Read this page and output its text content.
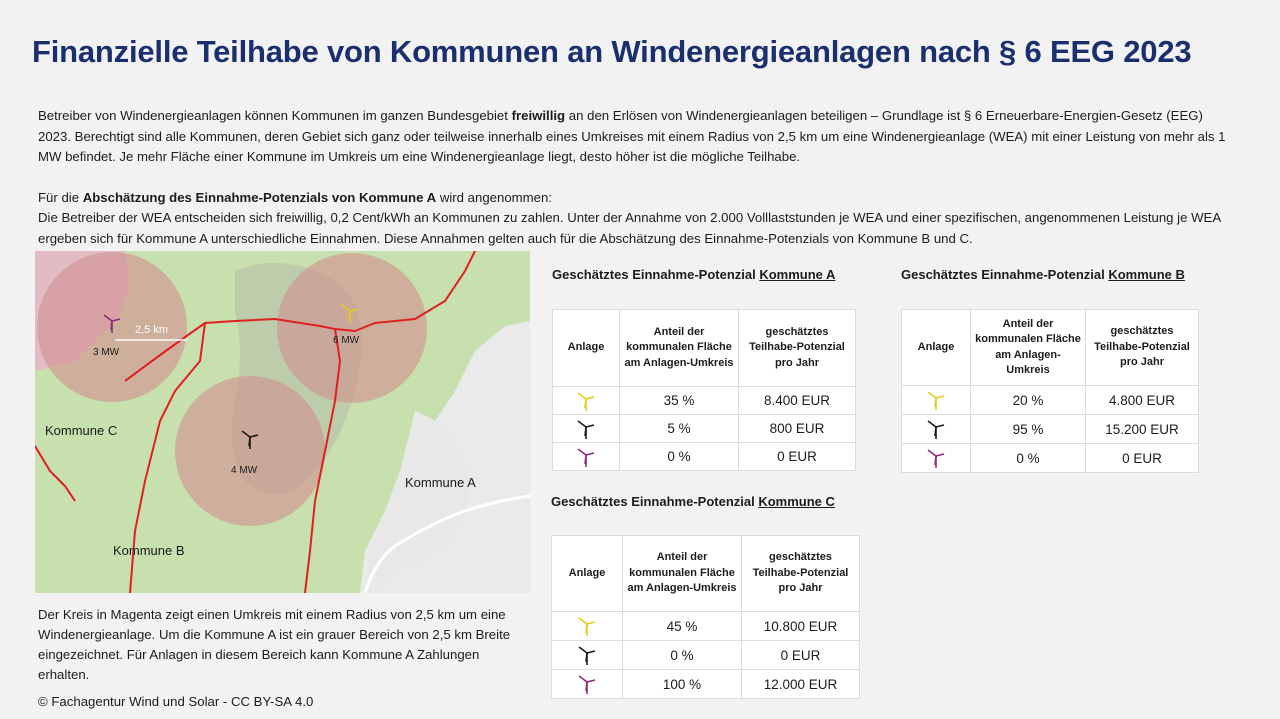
Finanzielle Teilhabe von Kommunen an Windenergieanlagen nach § 6 EEG 2023

Betreiber von Windenergieanlagen können Kommunen im ganzen Bundesgebiet freiwillig an den Erlösen von Windenergieanlagen beteiligen – Grundlage ist § 6 Erneuerbare-Energien-Gesetz (EEG) 2023. Berechtigt sind alle Kommunen, deren Gebiet sich ganz oder teilweise innerhalb eines Umkreises mit einem Radius von 2,5 km um eine Windenergieanlage (WEA) mit einer Leistung von mehr als 1 MW befindet. Je mehr Fläche einer Kommune im Umkreis um eine Windenergieanlage liegt, desto höher ist die mögliche Teilhabe.

Für die Abschätzung des Einnahme-Potenzials von Kommune A wird angenommen:

Die Betreiber der WEA entscheiden sich freiwillig, 0,2 Cent/kWh an Kommunen zu zahlen. Unter der Annahme von 2.000 Volllaststunden je WEA und einer spezifischen, angenommenen Leistung je WEA ergeben sich für Kommune A unterschiedliche Einnahmen. Diese Annahmen gelten auch für die Abschätzung des Einnahme-Potenzials von Kommune B und C.

2,5 km
3 MW
6 MW
4 MW
Kommune C
Kommune A
Kommune B
Der Kreis in Magenta zeigt einen Umkreis mit einem Radius von 2,5 km um eine Windenergieanlage. Um die Kommune A ist ein grauer Bereich von 2,5 km Breite eingezeichnet. Für Anlagen in diesem Bereich kann Kommune A Zahlungen erhalten.
© Fachagentur Wind und Solar - CC BY-SA 4.0
Geschätztes Einnahme-Potenzial Kommune A
Anlage	Anteil der kommunalen Fläche am Anlagen-Umkreis	geschätztes Teilhabe-Potenzial pro Jahr

	35 %	8.400 EUR

	5 %	800 EUR

	0 %	0 EUR
Geschätztes Einnahme-Potenzial Kommune B
Anlage	Anteil der kommunalen Fläche am Anlagen-Umkreis	geschätztes Teilhabe-Potenzial pro Jahr

	20 %	4.800 EUR

	95 %	15.200 EUR

	0 %	0 EUR
Geschätztes Einnahme-Potenzial Kommune C
Anlage	Anteil der kommunalen Fläche am Anlagen-Umkreis	geschätztes Teilhabe-Potenzial pro Jahr

	45 %	10.800 EUR

	0 %	0 EUR

	100 %	12.000 EUR
